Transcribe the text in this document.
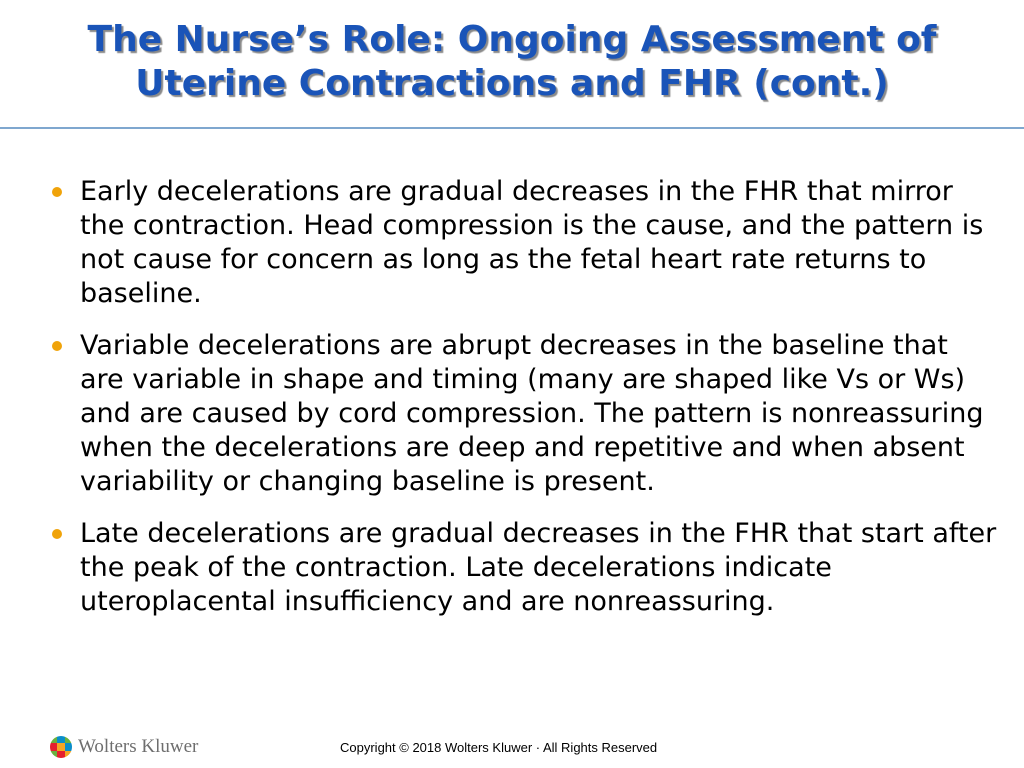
The Nurse’s Role: Ongoing Assessment of
Uterine Contractions and FHR (cont.)
Early decelerations are gradual decreases in the FHR that mirror the contraction. Head compression is the cause, and the pattern is not cause for concern as long as the fetal heart rate returns to baseline.
Variable decelerations are abrupt decreases in the baseline that are variable in shape and timing (many are shaped like Vs or Ws) and are caused by cord compression. The pattern is nonreassuring when the decelerations are deep and repetitive and when absent variability or changing baseline is present.
Late decelerations are gradual decreases in the FHR that start after the peak of the contraction. Late decelerations indicate uteroplacental insufficiency and are nonreassuring.
Wolters Kluwer	Copyright © 2018 Wolters Kluwer · All Rights Reserved
